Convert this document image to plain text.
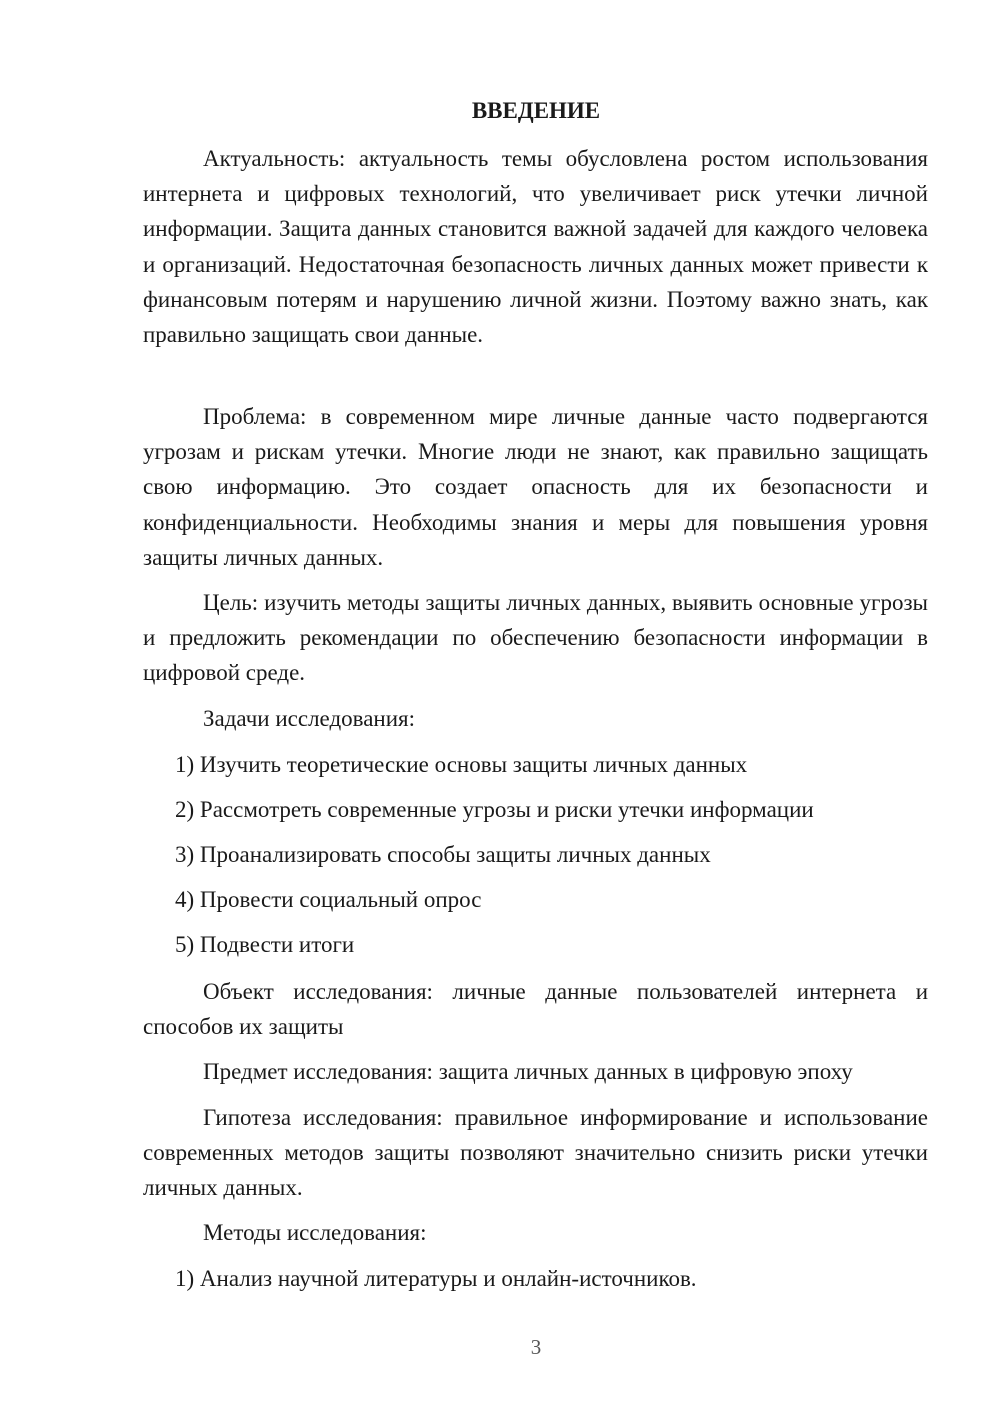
ВВЕДЕНИЕ

Актуальность: актуальность темы обусловлена ростом использования интернета и цифровых технологий, что увеличивает риск утечки личной информации. Защита данных становится важной задачей для каждого человека и организаций. Недостаточная безопасность личных данных может привести к финансовым потерям и нарушению личной жизни. Поэтому важно знать, как правильно защищать свои данные.

Проблема: в современном мире личные данные часто подвергаются угрозам и рискам утечки. Многие люди не знают, как правильно защищать свою информацию. Это создает опасность для их безопасности и конфиденциальности. Необходимы знания и меры для повышения уровня защиты личных данных.

Цель: изучить методы защиты личных данных, выявить основные угрозы и предложить рекомендации по обеспечению безопасности информации в цифровой среде.

Задачи исследования:

1) Изучить теоретические основы защиты личных данных

2) Рассмотреть современные угрозы и риски утечки информации

3) Проанализировать способы защиты личных данных

4) Провести социальный опрос

5) Подвести итоги

Объект исследования: личные данные пользователей интернета и способов их защиты

Предмет исследования: защита личных данных в цифровую эпоху

Гипотеза исследования: правильное информирование и использование современных методов защиты позволяют значительно снизить риски утечки личных данных.

Методы исследования:

1) Анализ научной литературы и онлайн-источников.

3
